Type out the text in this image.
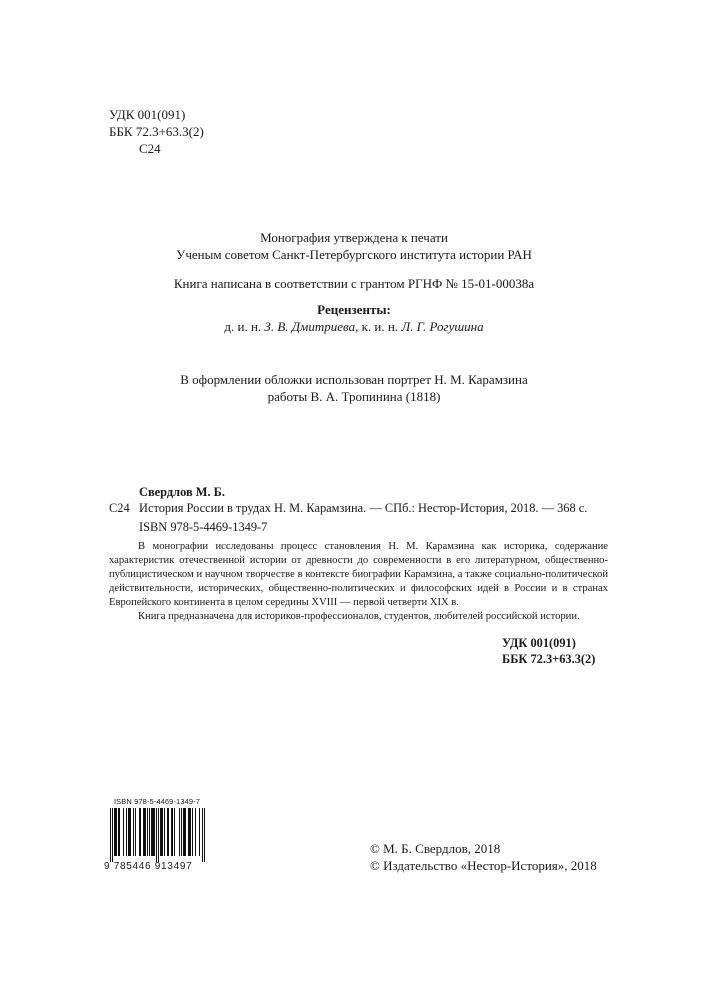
УДК 001(091)
ББК 72.3+63.3(2)
С24
Монография утверждена к печати
Ученым советом Санкт-Петербургского института истории РАН
Книга написана в соответствии с грантом РГНФ № 15-01-00038а
Рецензенты:
д. и. н. З. В. Дмитриева, к. и. н. Л. Г. Рогушина
В оформлении обложки использован портрет Н. М. Карамзина
работы В. А. Тропинина (1818)
Свердлов М. Б.
С24 История России в трудах Н. М. Карамзина. — СПб.: Нестор-История, 2018. — 368 с.
ISBN 978-5-4469-1349-7

В монографии исследованы процесс становления Н. М. Карамзина как историка, содержание характеристик отечественной истории от древности до современности в его литературном, общественно-публицистическом и научном творчестве в контексте биографии Карамзина, а также социально-политической действительности, исторических, общественно-политических и философских идей в России и в странах Европейского континента в целом середины XVIII — первой четверти XIX в.

Книга предназначена для историков-профессионалов, студентов, любителей российской истории.

УДК 001(091)
ББК 72.3+63.3(2)
ISBN 978-5-4469-1349-7
9 785446 913497
© М. Б. Свердлов, 2018
© Издательство «Нестор-История», 2018
